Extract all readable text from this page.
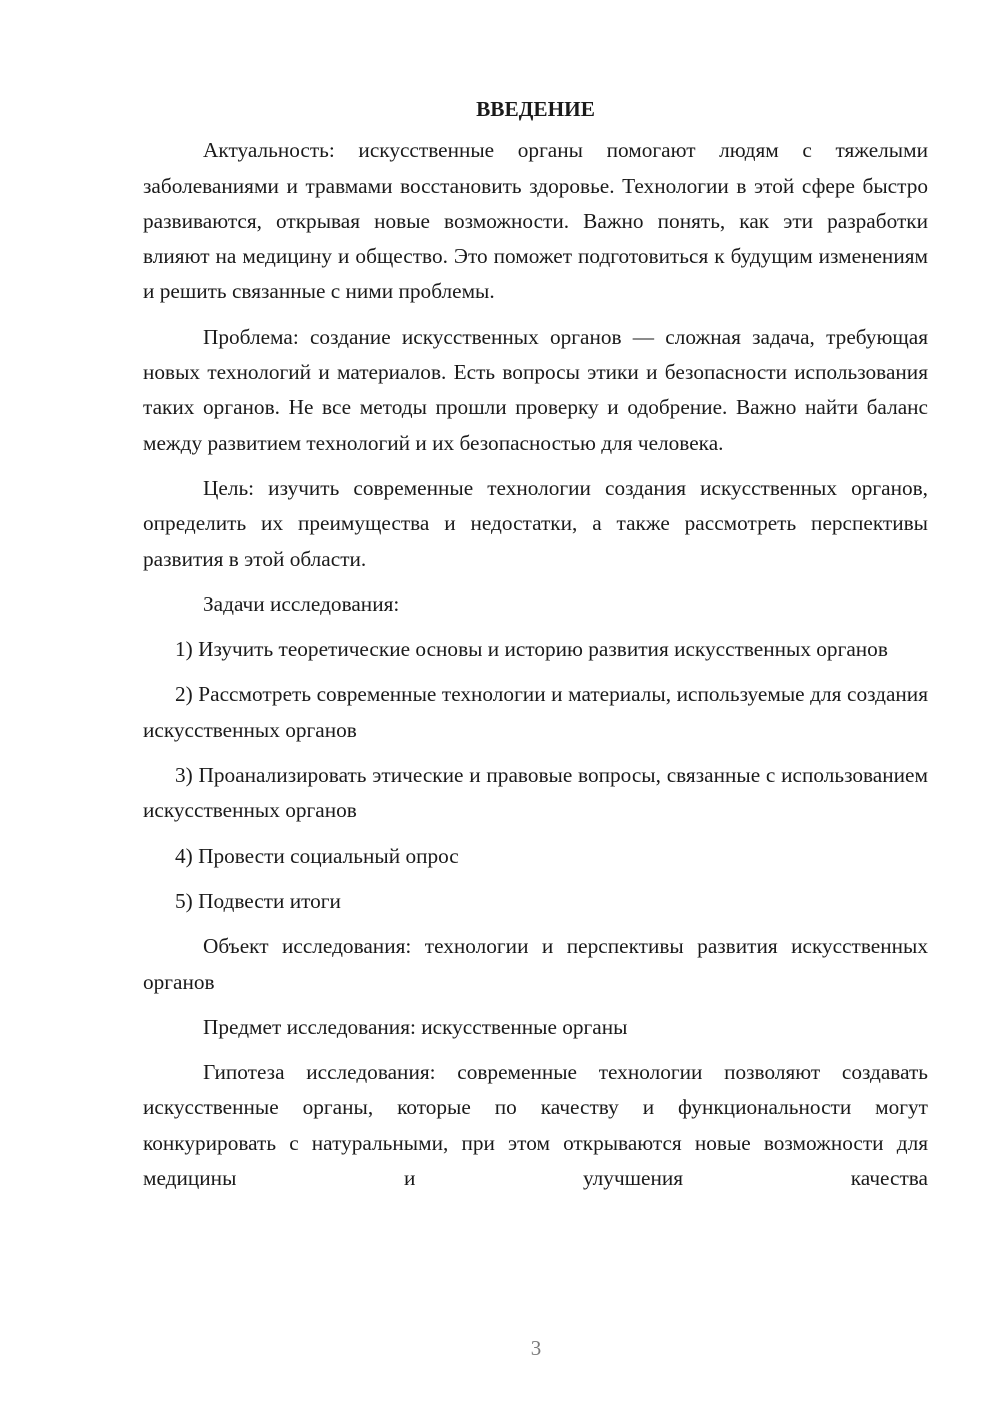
ВВЕДЕНИЕ
Актуальность: искусственные органы помогают людям с тяжелыми заболеваниями и травмами восстановить здоровье. Технологии в этой сфере быстро развиваются, открывая новые возможности. Важно понять, как эти разработки влияют на медицину и общество. Это поможет подготовиться к будущим изменениям и решить связанные с ними проблемы.
Проблема: создание искусственных органов — сложная задача, требующая новых технологий и материалов. Есть вопросы этики и безопасности использования таких органов. Не все методы прошли проверку и одобрение. Важно найти баланс между развитием технологий и их безопасностью для человека.
Цель: изучить современные технологии создания искусственных органов, определить их преимущества и недостатки, а также рассмотреть перспективы развития в этой области.
Задачи исследования:
1) Изучить теоретические основы и историю развития искусственных органов
2) Рассмотреть современные технологии и материалы, используемые для создания искусственных органов
3) Проанализировать этические и правовые вопросы, связанные с использованием искусственных органов
4) Провести социальный опрос
5) Подвести итоги
Объект исследования: технологии и перспективы развития искусственных органов
Предмет исследования: искусственные органы
Гипотеза исследования: современные технологии позволяют создавать искусственные органы, которые по качеству и функциональности могут конкурировать с натуральными, при этом открываются новые возможности для медицины и улучшения качества
3
